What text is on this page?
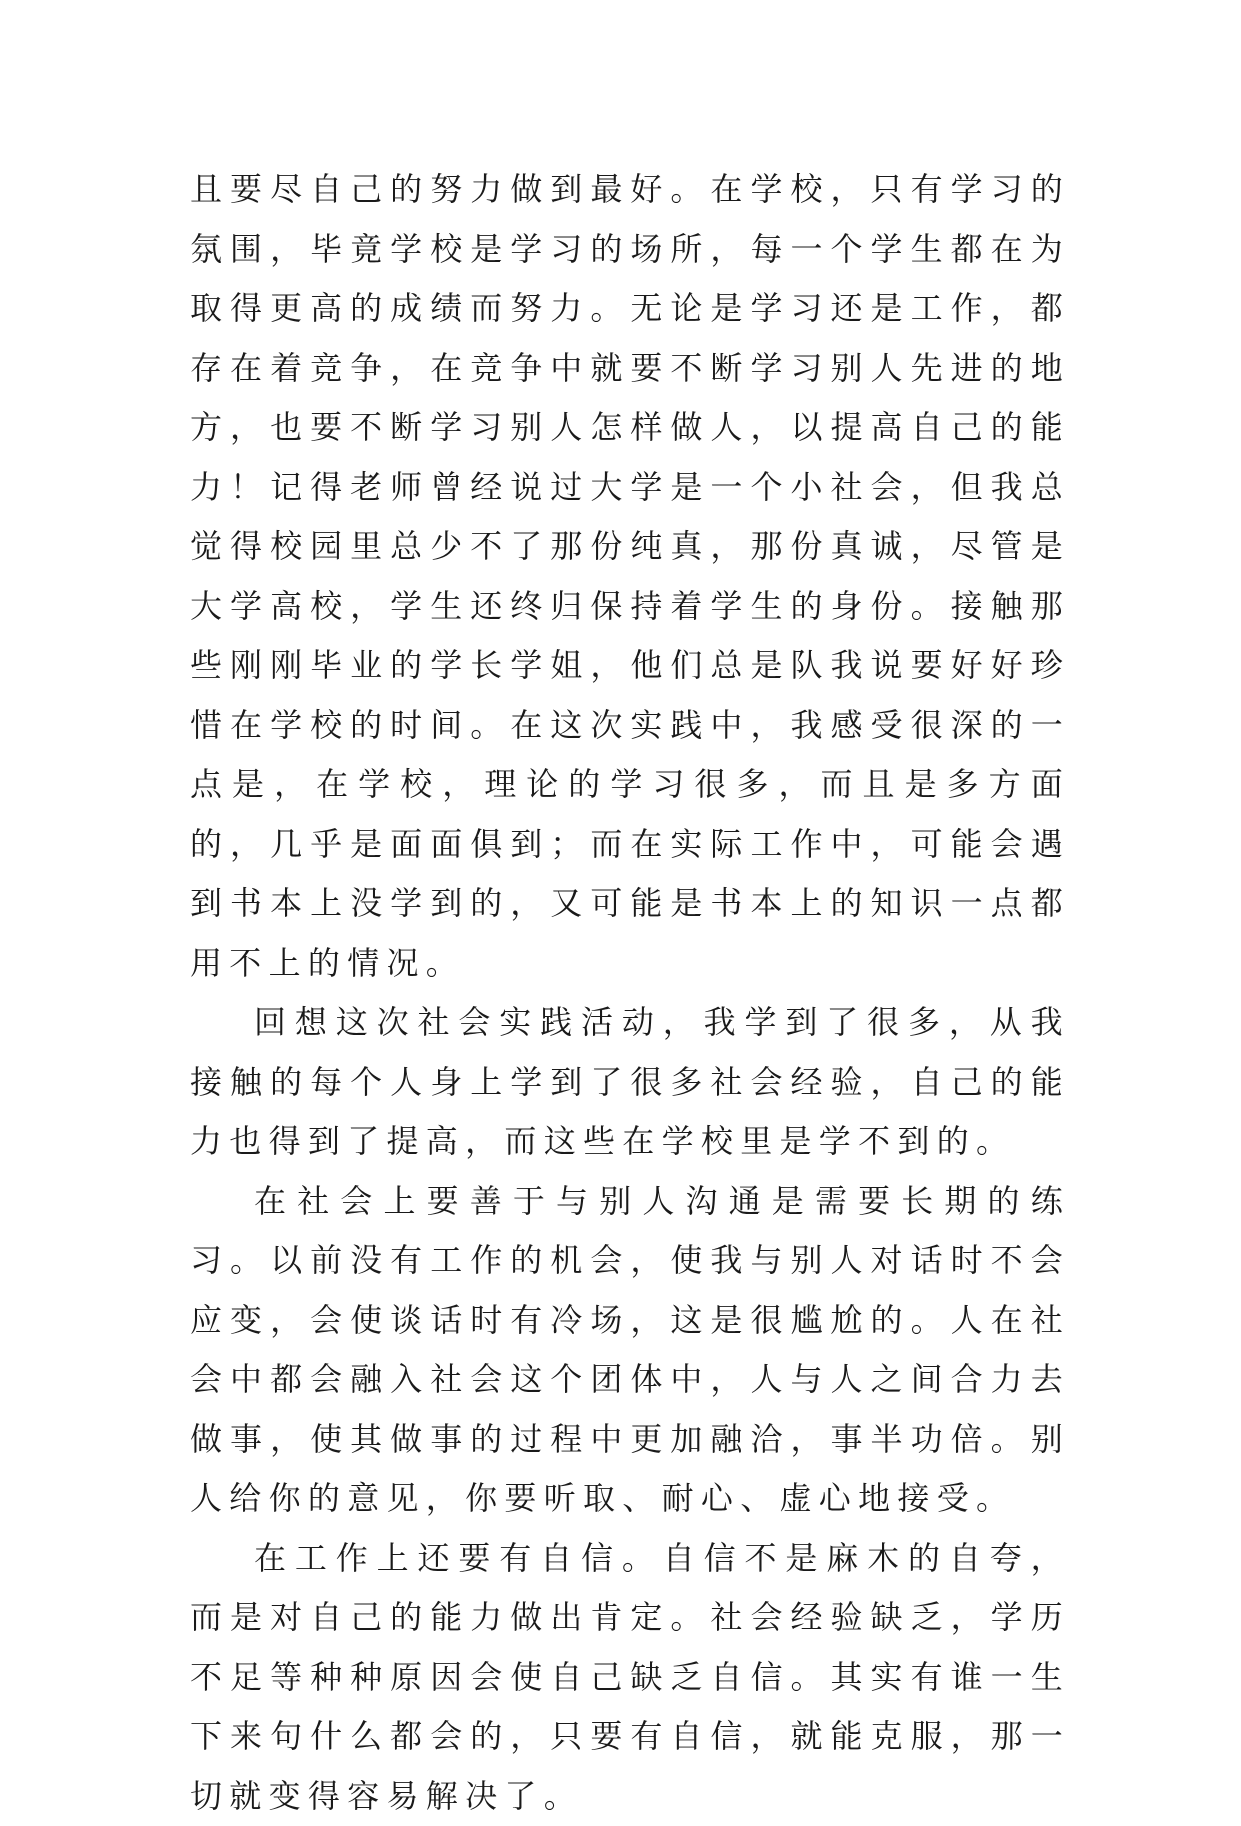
且要尽自己的努力做到最好。在学校，只有学习的氛围，毕竟学校是学习的场所，每一个学生都在为取得更高的成绩而努力。无论是学习还是工作，都存在着竞争，在竞争中就要不断学习别人先进的地方，也要不断学习别人怎样做人，以提高自己的能力！记得老师曾经说过大学是一个小社会，但我总觉得校园里总少不了那份纯真，那份真诚，尽管是大学高校，学生还终归保持着学生的身份。接触那些刚刚毕业的学长学姐，他们总是队我说要好好珍惜在学校的时间。在这次实践中，我感受很深的一点是，在学校，理论的学习很多，而且是多方面的，几乎是面面俱到；而在实际工作中，可能会遇到书本上没学到的，又可能是书本上的知识一点都用不上的情况。

回想这次社会实践活动，我学到了很多，从我接触的每个人身上学到了很多社会经验，自己的能力也得到了提高，而这些在学校里是学不到的。

在社会上要善于与别人沟通是需要长期的练习。以前没有工作的机会，使我与别人对话时不会应变，会使谈话时有冷场，这是很尴尬的。人在社会中都会融入社会这个团体中，人与人之间合力去做事，使其做事的过程中更加融洽，事半功倍。别人给你的意见，你要听取、耐心、虚心地接受。

在工作上还要有自信。自信不是麻木的自夸，而是对自己的能力做出肯定。社会经验缺乏，学历不足等种种原因会使自己缺乏自信。其实有谁一生下来句什么都会的，只要有自信，就能克服，那一切就变得容易解决了。
